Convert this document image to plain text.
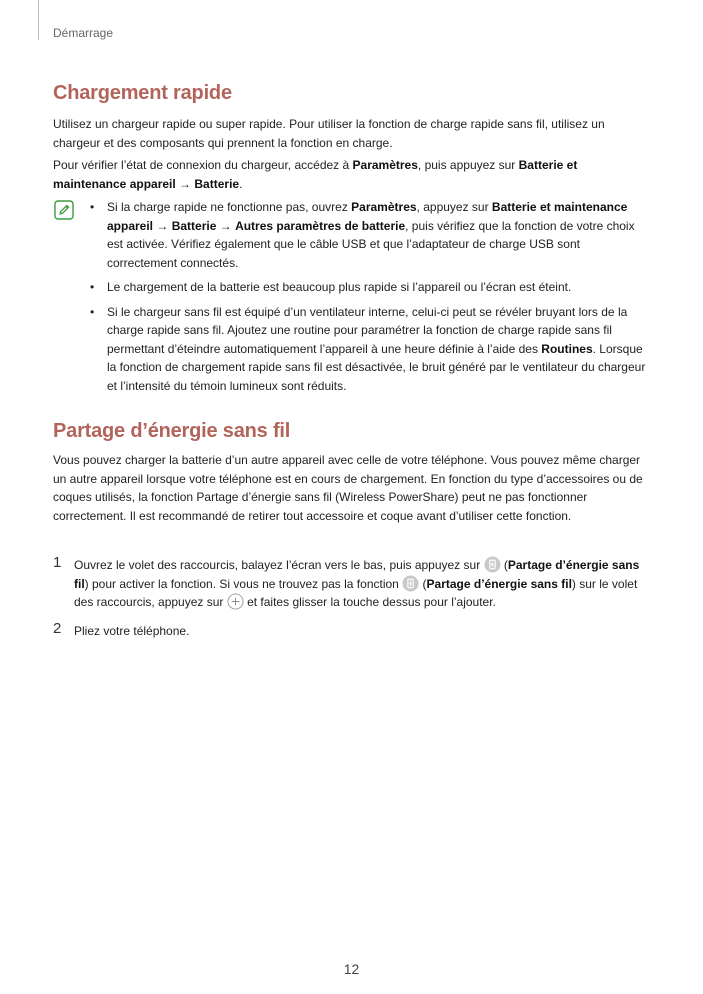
Démarrage
Chargement rapide

Utilisez un chargeur rapide ou super rapide. Pour utiliser la fonction de charge rapide sans fil, utilisez un chargeur et des composants qui prennent la fonction en charge.

Pour vérifier l’état de connexion du chargeur, accédez à Paramètres, puis appuyez sur Batterie et maintenance appareil → Batterie.

• Si la charge rapide ne fonctionne pas, ouvrez Paramètres, appuyez sur Batterie et maintenance appareil → Batterie → Autres paramètres de batterie, puis vérifiez que la fonction de votre choix est activée. Vérifiez également que le câble USB et que l’adaptateur de charge USB sont correctement connectés.
• Le chargement de la batterie est beaucoup plus rapide si l’appareil ou l’écran est éteint.
• Si le chargeur sans fil est équipé d’un ventilateur interne, celui-ci peut se révéler bruyant lors de la charge rapide sans fil. Ajoutez une routine pour paramétrer la fonction de charge rapide sans fil permettant d’éteindre automatiquement l’appareil à une heure définie à l’aide des Routines. Lorsque la fonction de chargement rapide sans fil est désactivée, le bruit généré par le ventilateur du chargeur et l’intensité du témoin lumineux sont réduits.
Partage d’énergie sans fil

Vous pouvez charger la batterie d’un autre appareil avec celle de votre téléphone. Vous pouvez même charger un autre appareil lorsque votre téléphone est en cours de chargement. En fonction du type d’accessoires ou de coques utilisés, la fonction Partage d’énergie sans fil (Wireless PowerShare) peut ne pas fonctionner correctement. Il est recommandé de retirer tout accessoire et coque avant d’utiliser cette fonction.

1 Ouvrez le volet des raccourcis, balayez l’écran vers le bas, puis appuyez sur  (Partage d’énergie sans fil) pour activer la fonction. Si vous ne trouvez pas la fonction  (Partage d’énergie sans fil) sur le volet des raccourcis, appuyez sur  et faites glisser la touche dessus pour l’ajouter.
2 Pliez votre téléphone.
12
